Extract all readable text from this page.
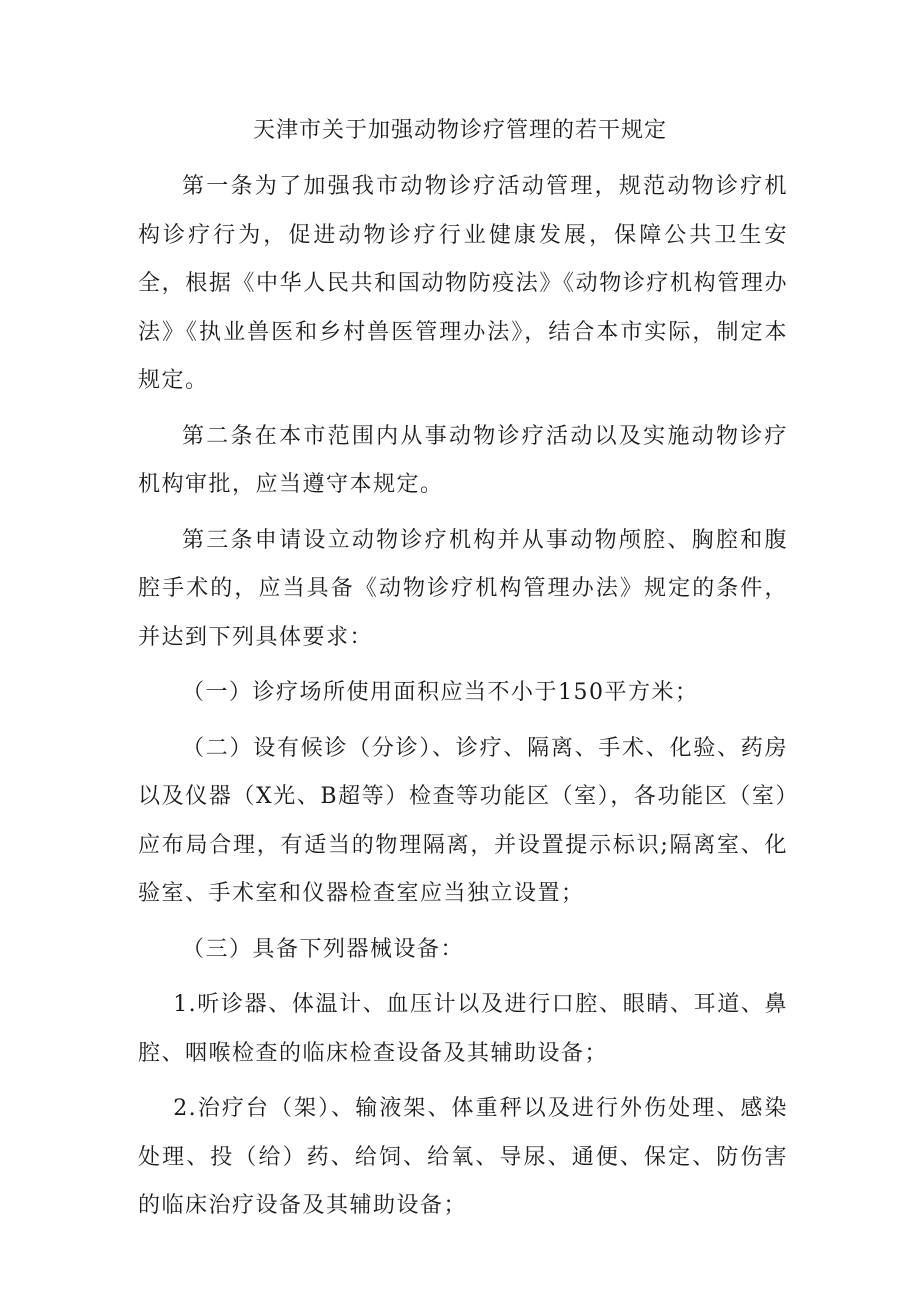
天津市关于加强动物诊疗管理的若干规定

第一条为了加强我市动物诊疗活动管理，规范动物诊疗机构诊疗行为，促进动物诊疗行业健康发展，保障公共卫生安全，根据《中华人民共和国动物防疫法》《动物诊疗机构管理办法》《执业兽医和乡村兽医管理办法》，结合本市实际，制定本规定。

第二条在本市范围内从事动物诊疗活动以及实施动物诊疗机构审批，应当遵守本规定。

第三条申请设立动物诊疗机构并从事动物颅腔、胸腔和腹腔手术的，应当具备《动物诊疗机构管理办法》规定的条件，并达到下列具体要求：

（一）诊疗场所使用面积应当不小于150平方米；

（二）设有候诊（分诊）、诊疗、隔离、手术、化验、药房以及仪器（X光、B超等）检查等功能区（室），各功能区（室）应布局合理，有适当的物理隔离，并设置提示标识;隔离室、化验室、手术室和仪器检查室应当独立设置；

（三）具备下列器械设备：

1.听诊器、体温计、血压计以及进行口腔、眼睛、耳道、鼻腔、咽喉检查的临床检查设备及其辅助设备；

2.治疗台（架）、输液架、体重秤以及进行外伤处理、感染处理、投（给）药、给饲、给氧、导尿、通便、保定、防伤害的临床治疗设备及其辅助设备；
